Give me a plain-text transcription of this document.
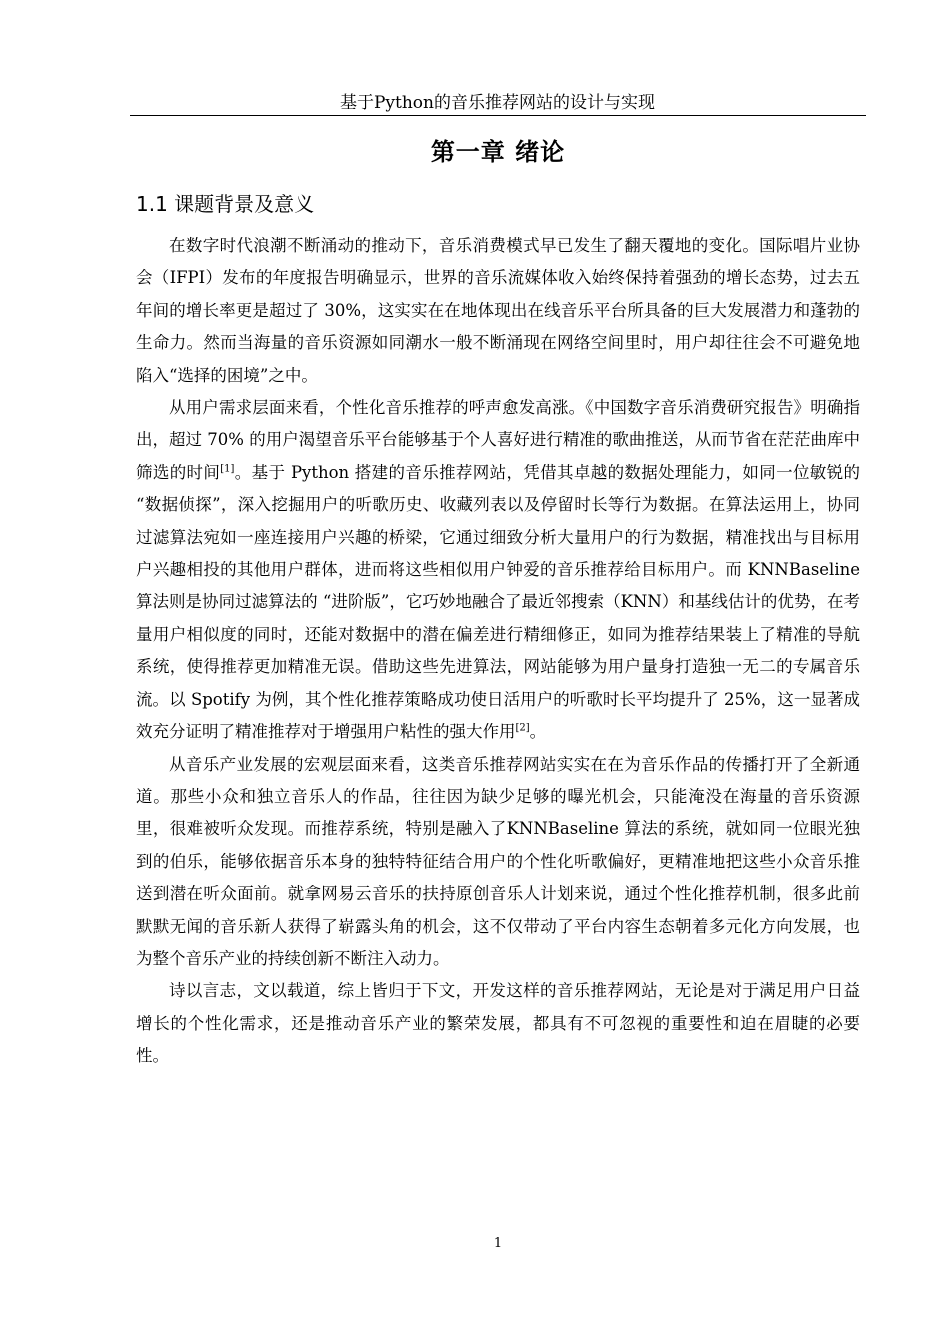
基于Python的音乐推荐网站的设计与实现
第一章 绪论
1.1 课题背景及意义

在数字时代浪潮不断涌动的推动下，音乐消费模式早已发生了翻天覆地的变化。国际唱片业协会（IFPI）发布的年度报告明确显示，世界的音乐流媒体收入始终保持着强劲的增长态势，过去五年间的增长率更是超过了 30%，这实实在在地体现出在线音乐平台所具备的巨大发展潜力和蓬勃的生命力。然而当海量的音乐资源如同潮水一般不断涌现在网络空间里时，用户却往往会不可避免地陷入“选择的困境”之中。

从用户需求层面来看，个性化音乐推荐的呼声愈发高涨。《中国数字音乐消费研究报告》明确指出，超过 70% 的用户渴望音乐平台能够基于个人喜好进行精准的歌曲推送，从而节省在茫茫曲库中筛选的时间[1]。基于 Python 搭建的音乐推荐网站，凭借其卓越的数据处理能力，如同一位敏锐的 “数据侦探”，深入挖掘用户的听歌历史、收藏列表以及停留时长等行为数据。在算法运用上，协同过滤算法宛如一座连接用户兴趣的桥梁，它通过细致分析大量用户的行为数据，精准找出与目标用户兴趣相投的其他用户群体，进而将这些相似用户钟爱的音乐推荐给目标用户。而 KNNBaseline 算法则是协同过滤算法的 “进阶版”，它巧妙地融合了最近邻搜索（KNN）和基线估计的优势，在考量用户相似度的同时，还能对数据中的潜在偏差进行精细修正，如同为推荐结果装上了精准的导航系统，使得推荐更加精准无误。借助这些先进算法，网站能够为用户量身打造独一无二的专属音乐流。以 Spotify 为例，其个性化推荐策略成功使日活用户的听歌时长平均提升了 25%，这一显著成效充分证明了精准推荐对于增强用户粘性的强大作用[2]。

从音乐产业发展的宏观层面来看，这类音乐推荐网站实实在在为音乐作品的传播打开了全新通道。那些小众和独立音乐人的作品，往往因为缺少足够的曝光机会，只能淹没在海量的音乐资源里，很难被听众发现。而推荐系统，特别是融入了KNNBaseline 算法的系统，就如同一位眼光独到的伯乐，能够依据音乐本身的独特特征结合用户的个性化听歌偏好，更精准地把这些小众音乐推送到潜在听众面前。就拿网易云音乐的扶持原创音乐人计划来说，通过个性化推荐机制，很多此前默默无闻的音乐新人获得了崭露头角的机会，这不仅带动了平台内容生态朝着多元化方向发展，也为整个音乐产业的持续创新不断注入动力。

诗以言志，文以载道，综上皆归于下文，开发这样的音乐推荐网站，无论是对于满足用户日益增长的个性化需求，还是推动音乐产业的繁荣发展，都具有不可忽视的重要性和迫在眉睫的必要性。

1
